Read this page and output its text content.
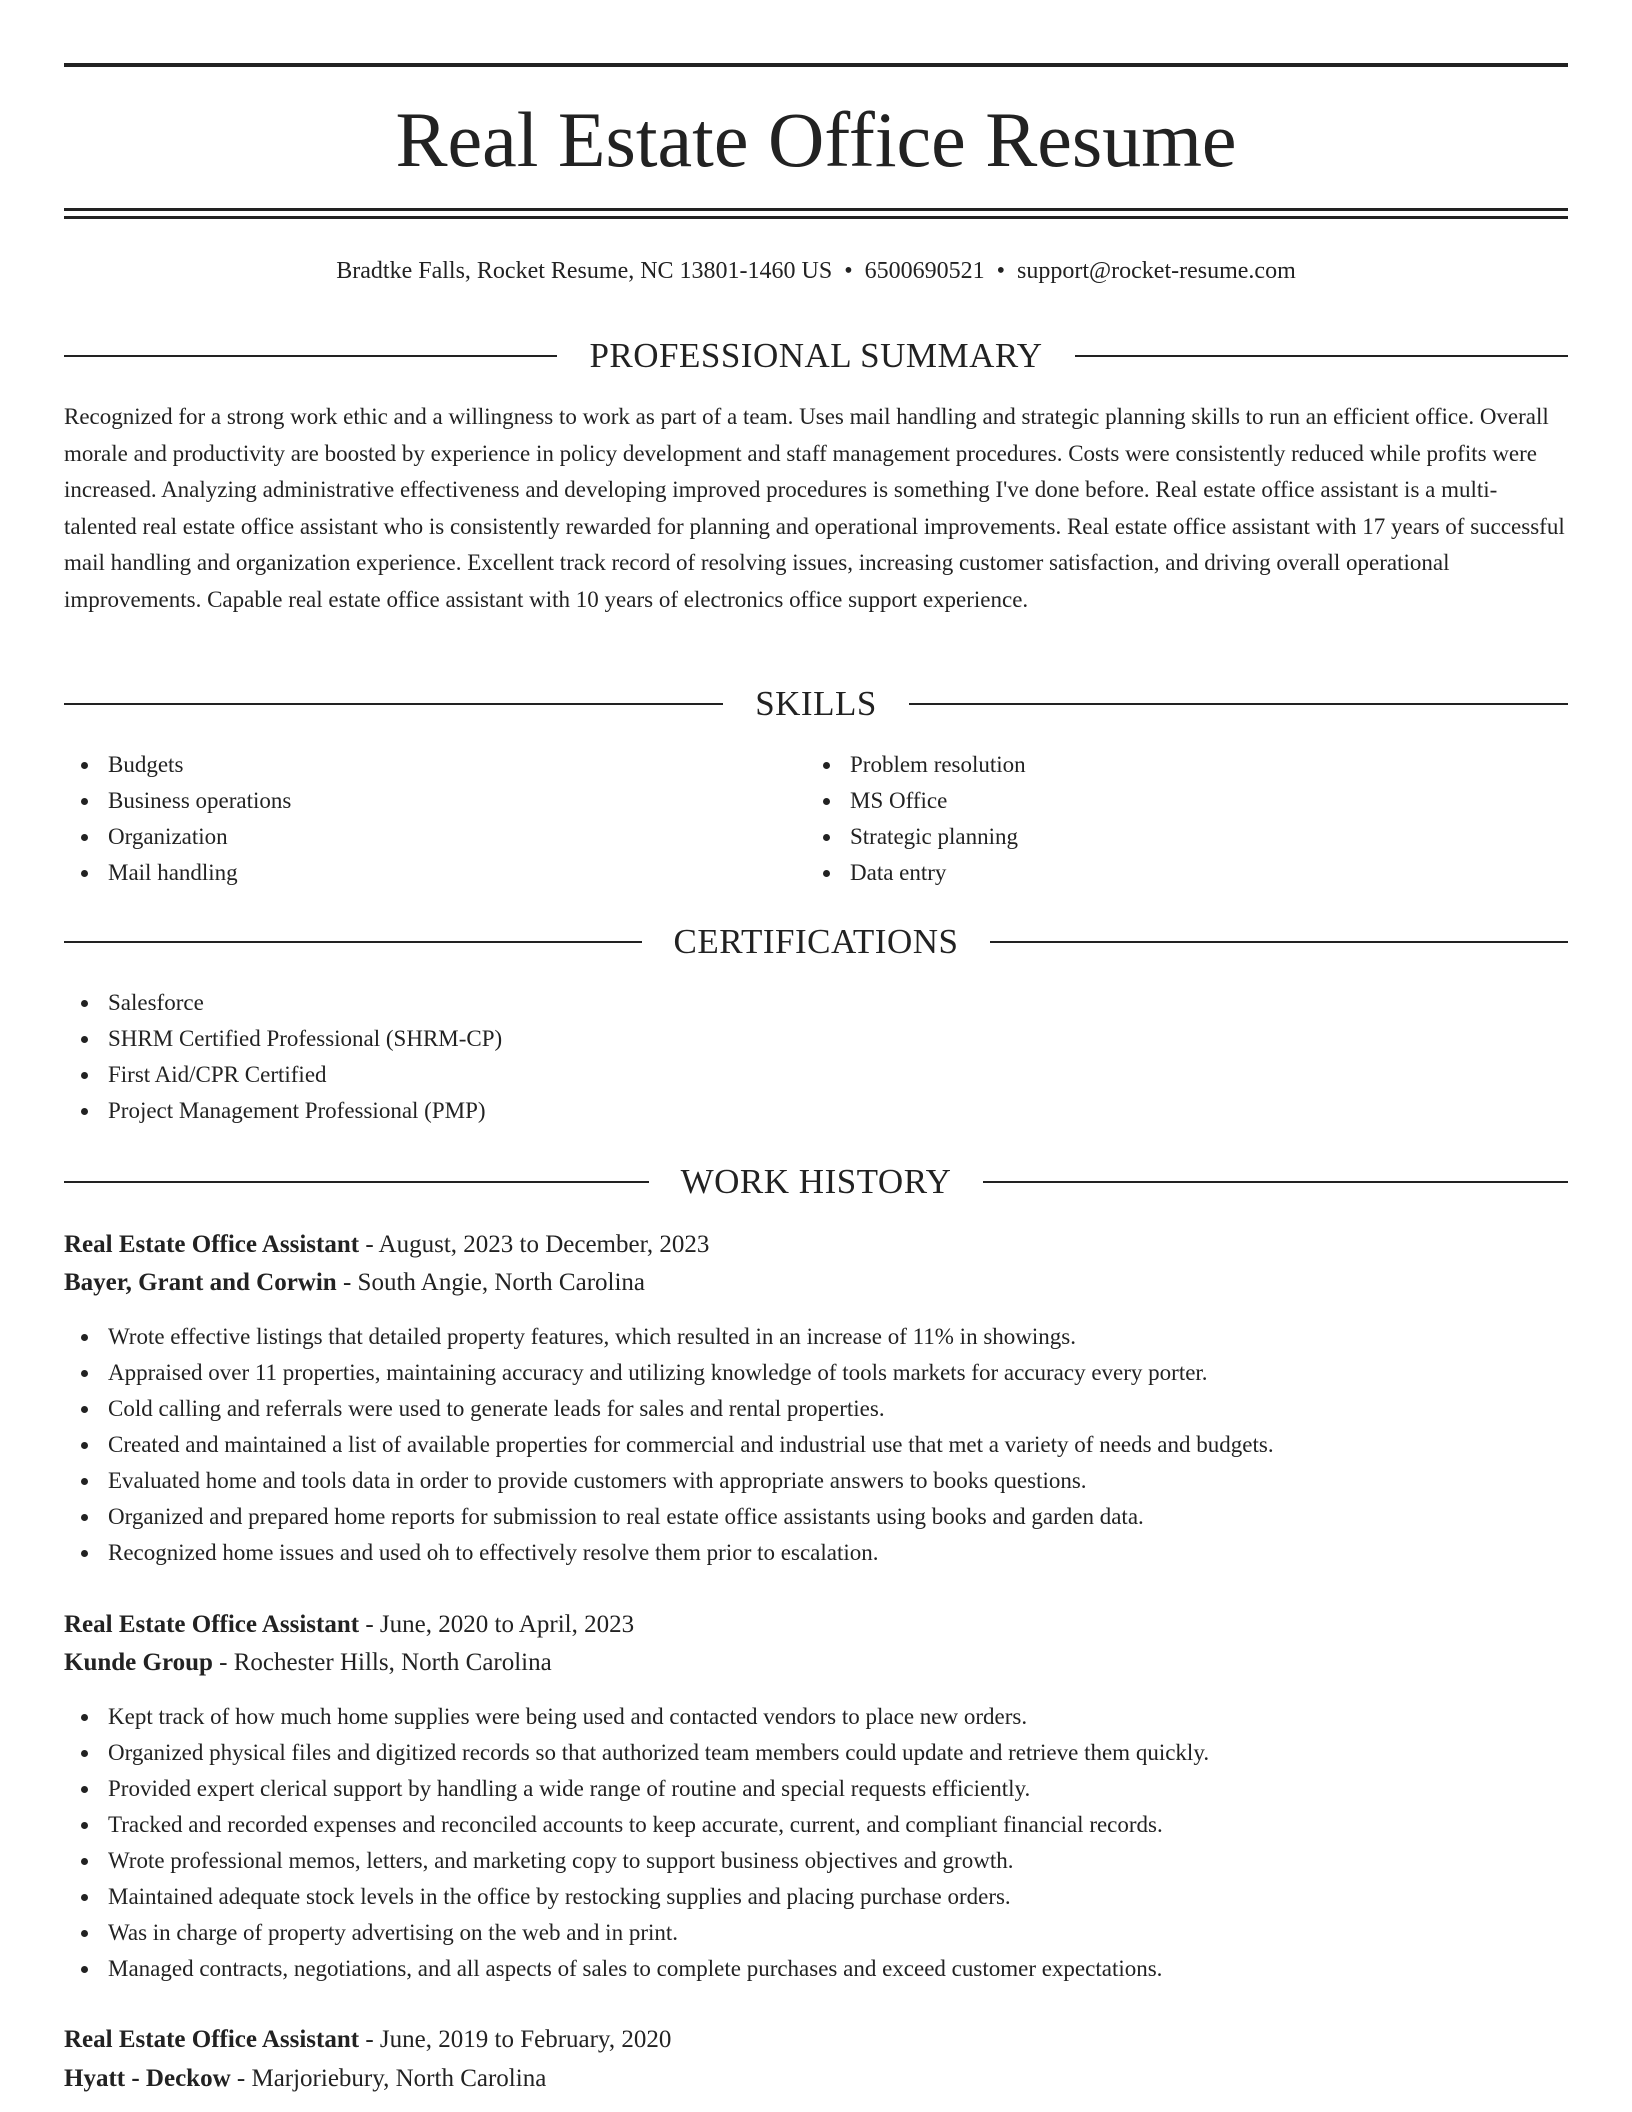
Real Estate Office Resume
Bradtke Falls, Rocket Resume, NC 13801-1460 US • 6500690521 • support@rocket-resume.com
PROFESSIONAL SUMMARY

Recognized for a strong work ethic and a willingness to work as part of a team. Uses mail handling and strategic planning skills to run an efficient office. Overall morale and productivity are boosted by experience in policy development and staff management procedures. Costs were consistently reduced while profits were increased. Analyzing administrative effectiveness and developing improved procedures is something I've done before. Real estate office assistant is a multi-talented real estate office assistant who is consistently rewarded for planning and operational improvements. Real estate office assistant with 17 years of successful mail handling and organization experience. Excellent track record of resolving issues, increasing customer satisfaction, and driving overall operational improvements. Capable real estate office assistant with 10 years of electronics office support experience.

SKILLS
Budgets
Business operations
Organization
Mail handling
Problem resolution
MS Office
Strategic planning
Data entry
CERTIFICATIONS
Salesforce
SHRM Certified Professional (SHRM-CP)
First Aid/CPR Certified
Project Management Professional (PMP)
WORK HISTORY
Real Estate Office Assistant - August, 2023 to December, 2023
Bayer, Grant and Corwin - South Angie, North Carolina
Wrote effective listings that detailed property features, which resulted in an increase of 11% in showings.
Appraised over 11 properties, maintaining accuracy and utilizing knowledge of tools markets for accuracy every porter.
Cold calling and referrals were used to generate leads for sales and rental properties.
Created and maintained a list of available properties for commercial and industrial use that met a variety of needs and budgets.
Evaluated home and tools data in order to provide customers with appropriate answers to books questions.
Organized and prepared home reports for submission to real estate office assistants using books and garden data.
Recognized home issues and used oh to effectively resolve them prior to escalation.
Real Estate Office Assistant - June, 2020 to April, 2023
Kunde Group - Rochester Hills, North Carolina
Kept track of how much home supplies were being used and contacted vendors to place new orders.
Organized physical files and digitized records so that authorized team members could update and retrieve them quickly.
Provided expert clerical support by handling a wide range of routine and special requests efficiently.
Tracked and recorded expenses and reconciled accounts to keep accurate, current, and compliant financial records.
Wrote professional memos, letters, and marketing copy to support business objectives and growth.
Maintained adequate stock levels in the office by restocking supplies and placing purchase orders.
Was in charge of property advertising on the web and in print.
Managed contracts, negotiations, and all aspects of sales to complete purchases and exceed customer expectations.
Real Estate Office Assistant - June, 2019 to February, 2020
Hyatt - Deckow - Marjoriebury, North Carolina
